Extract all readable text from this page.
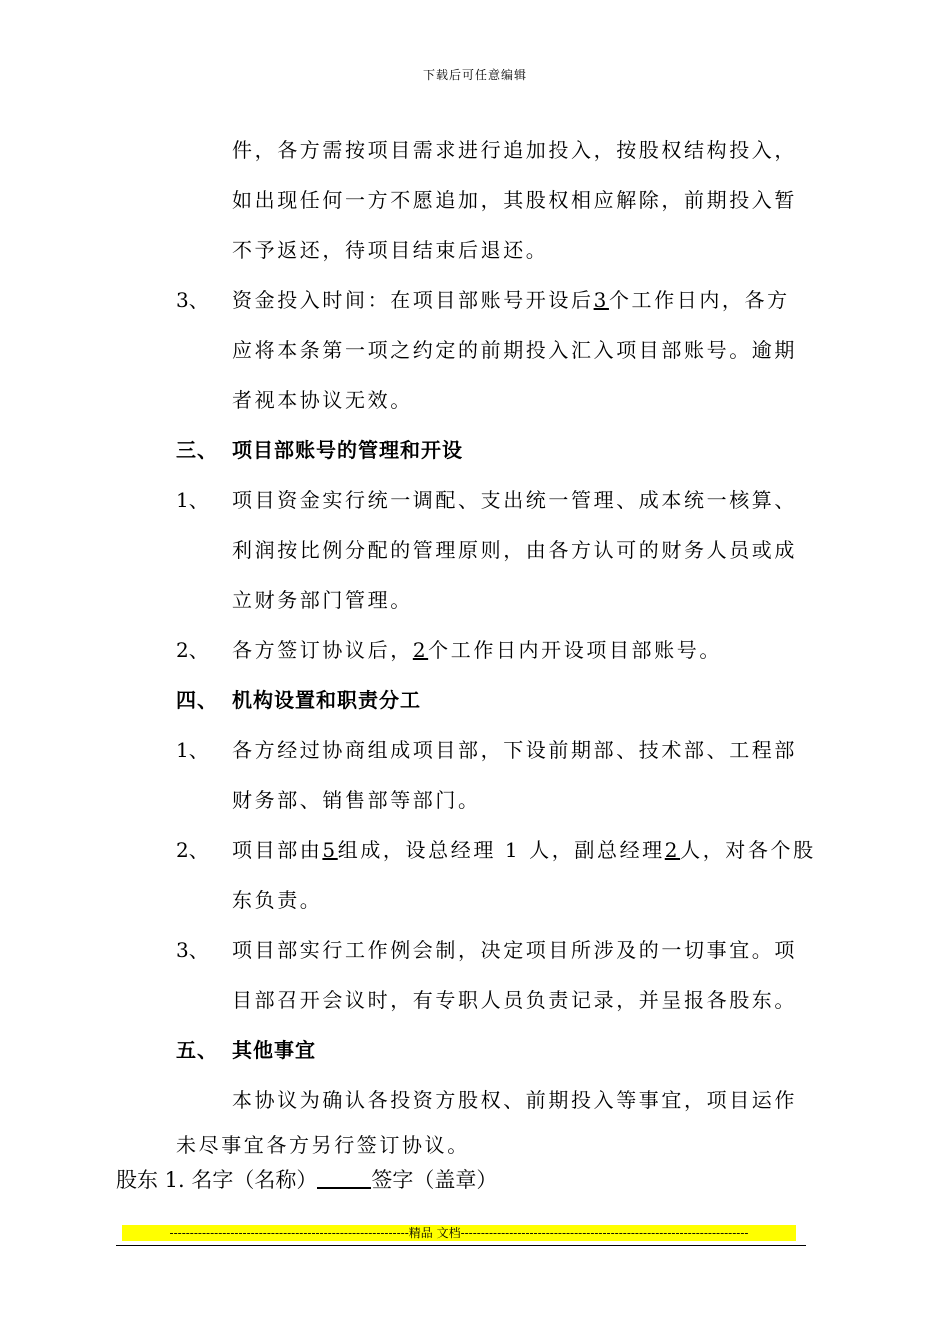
下载后可任意编辑
件，各方需按项目需求进行追加投入，按股权结构投入，
如出现任何一方不愿追加，其股权相应解除，前期投入暂
不予返还，待项目结束后退还。
3、 资金投入时间：在项目部账号开设后3个工作日内，各方
应将本条第一项之约定的前期投入汇入项目部账号。逾期
者视本协议无效。
三、 项目部账号的管理和开设
1、 项目资金实行统一调配、支出统一管理、成本统一核算、
利润按比例分配的管理原则，由各方认可的财务人员或成
立财务部门管理。
2、 各方签订协议后，2个工作日内开设项目部账号。
四、 机构设置和职责分工
1、 各方经过协商组成项目部，下设前期部、技术部、工程部
财务部、销售部等部门。
2、 项目部由5组成，设总经理 1 人，副总经理2人，对各个股
东负责。
3、 项目部实行工作例会制，决定项目所涉及的一切事宜。项
目部召开会议时，有专职人员负责记录，并呈报各股东。
五、 其他事宜
本协议为确认各投资方股权、前期投入等事宜，项目运作
未尽事宜各方另行签订协议。
股东 1. 名字（名称）	签字（盖章）
-----------------------------------------------------------精品 文档-----------------------------------------------------------------------
